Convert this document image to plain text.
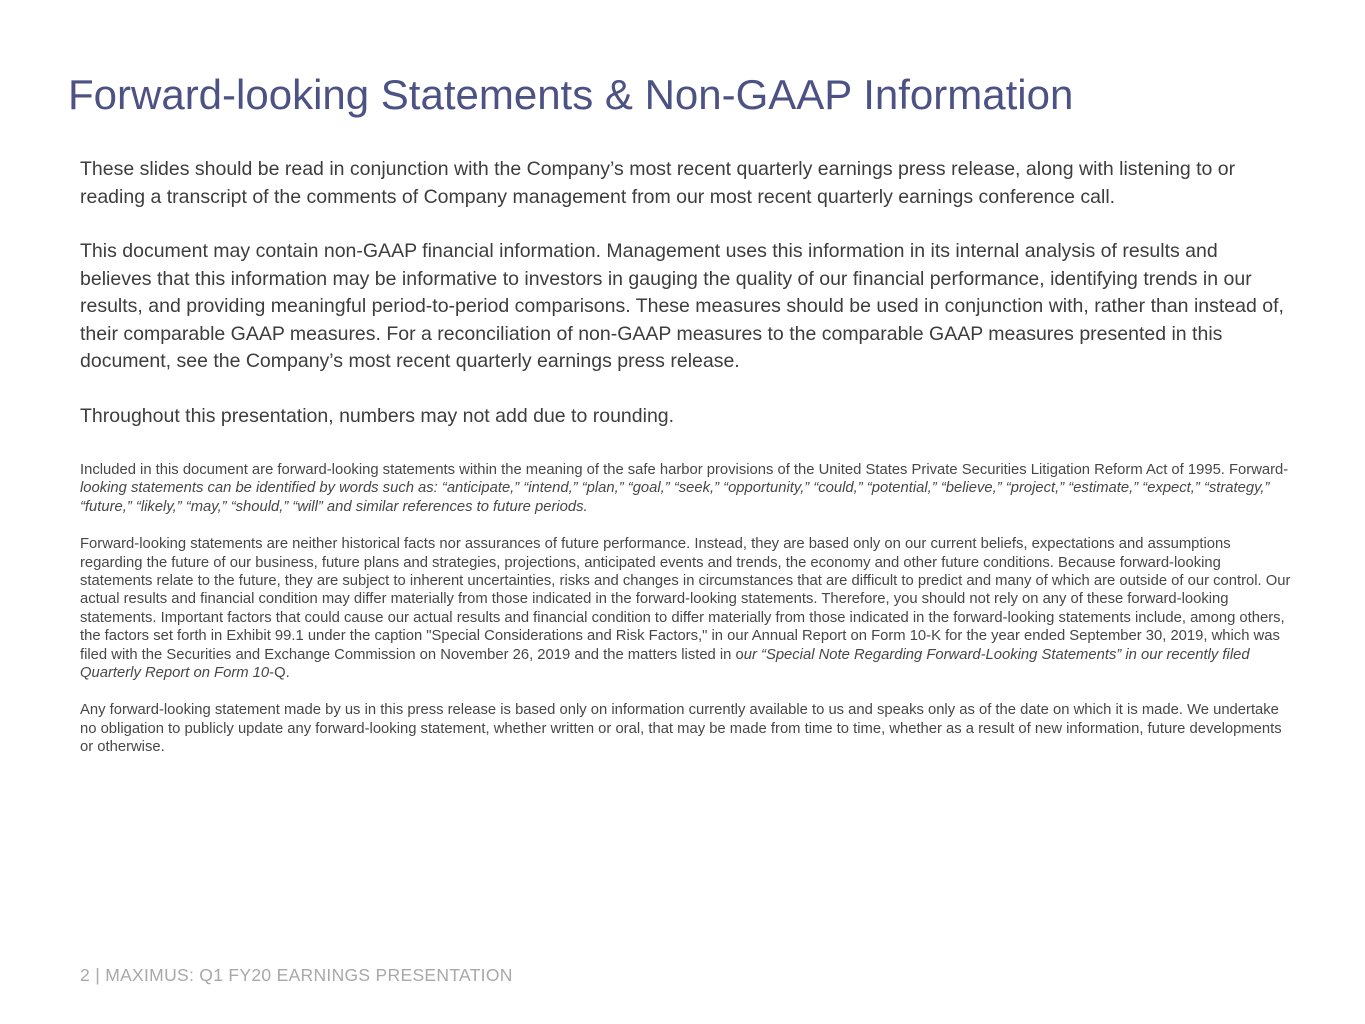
Forward-looking Statements & Non-GAAP Information

These slides should be read in conjunction with the Company’s most recent quarterly earnings press release, along with listening to or reading a transcript of the comments of Company management from our most recent quarterly earnings conference call.

This document may contain non-GAAP financial information. Management uses this information in its internal analysis of results and believes that this information may be informative to investors in gauging the quality of our financial performance, identifying trends in our results, and providing meaningful period-to-period comparisons. These measures should be used in conjunction with, rather than instead of, their comparable GAAP measures. For a reconciliation of non-GAAP measures to the comparable GAAP measures presented in this document, see the Company’s most recent quarterly earnings press release.

Throughout this presentation, numbers may not add due to rounding.

Included in this document are forward-looking statements within the meaning of the safe harbor provisions of the United States Private Securities Litigation Reform Act of 1995. Forward-looking statements can be identified by words such as: “anticipate,” “intend,” “plan,” “goal,” “seek,” “opportunity,” “could,” “potential,” “believe,” “project,” “estimate,” “expect,” “strategy,” “future,” “likely,” “may,” “should,” “will” and similar references to future periods.

Forward-looking statements are neither historical facts nor assurances of future performance. Instead, they are based only on our current beliefs, expectations and assumptions regarding the future of our business, future plans and strategies, projections, anticipated events and trends, the economy and other future conditions. Because forward-looking statements relate to the future, they are subject to inherent uncertainties, risks and changes in circumstances that are difficult to predict and many of which are outside of our control. Our actual results and financial condition may differ materially from those indicated in the forward-looking statements. Therefore, you should not rely on any of these forward-looking statements. Important factors that could cause our actual results and financial condition to differ materially from those indicated in the forward-looking statements include, among others, the factors set forth in Exhibit 99.1 under the caption "Special Considerations and Risk Factors," in our Annual Report on Form 10-K for the year ended September 30, 2019, which was filed with the Securities and Exchange Commission on November 26, 2019 and the matters listed in our “Special Note Regarding Forward-Looking Statements” in our recently filed Quarterly Report on Form 10-Q.

Any forward-looking statement made by us in this press release is based only on information currently available to us and speaks only as of the date on which it is made. We undertake no obligation to publicly update any forward-looking statement, whether written or oral, that may be made from time to time, whether as a result of new information, future developments or otherwise.

2 | MAXIMUS: Q1 FY20 EARNINGS PRESENTATION
